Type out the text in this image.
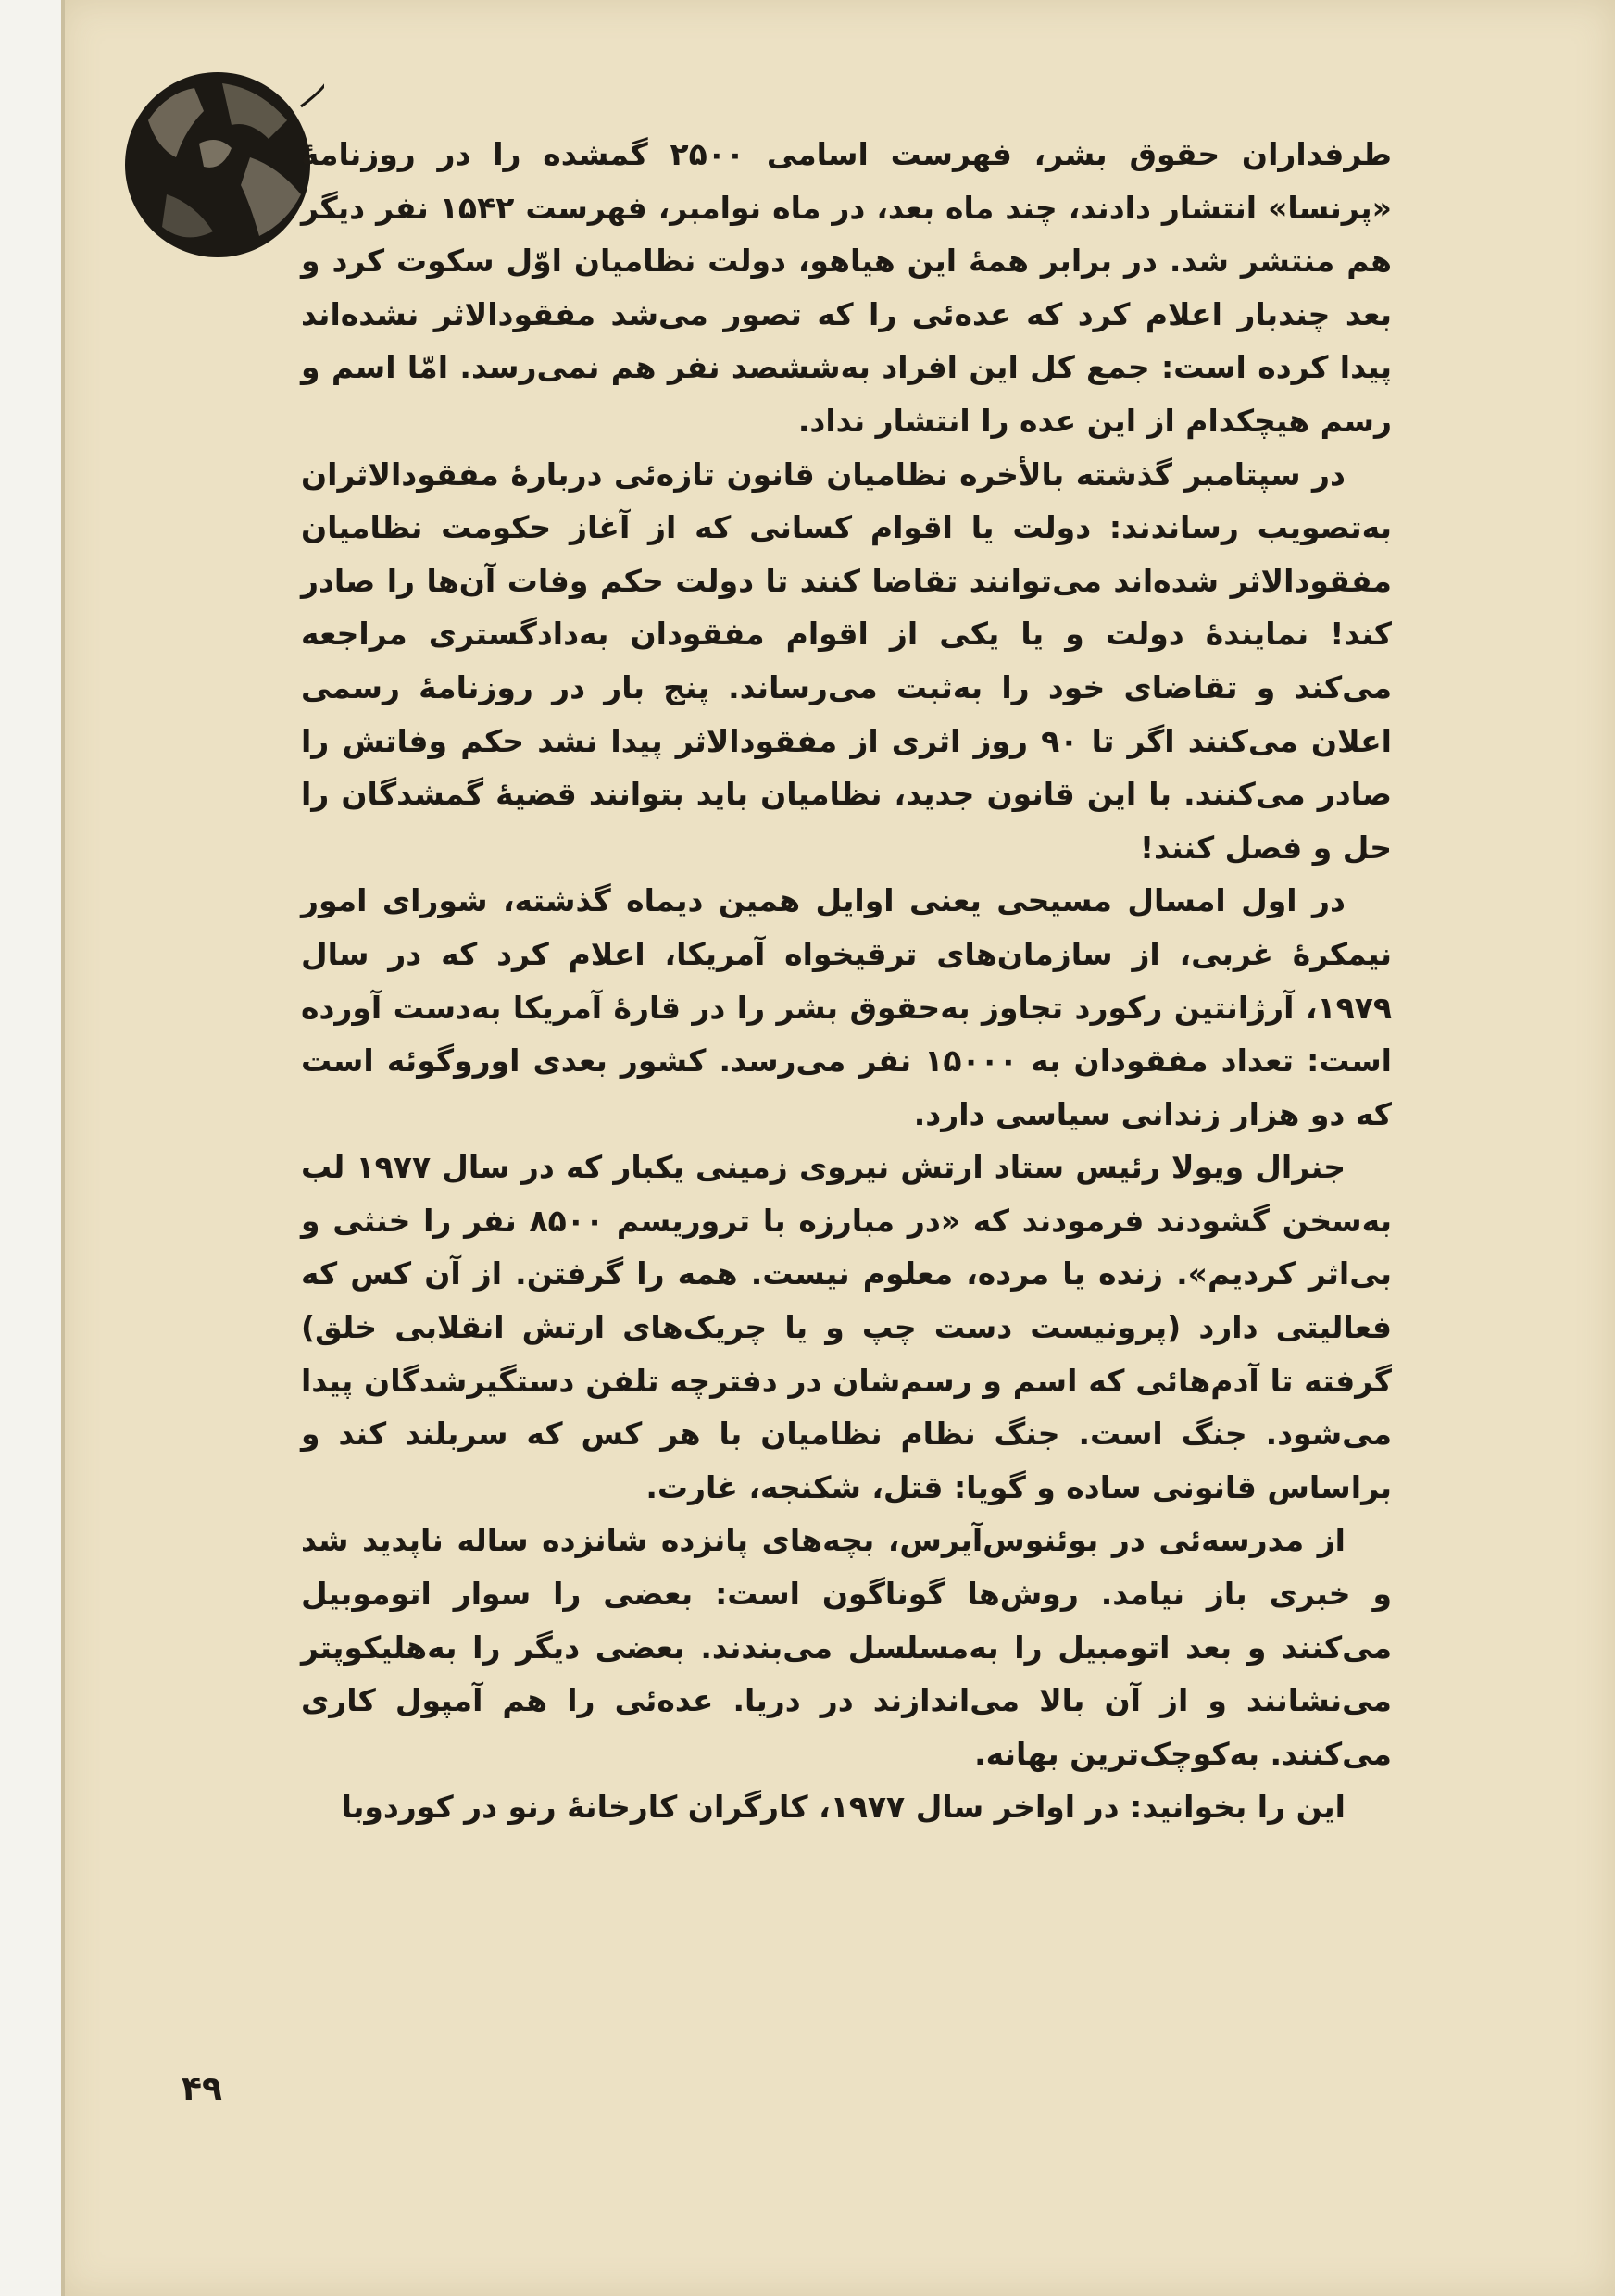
طرفداران حقوق بشر، فهرست اسامی ۲۵۰۰ گمشده را در روزنامهٔ «پرنسا» انتشار دادند، چند ماه بعد، در ماه نوامبر، فهرست ۱۵۴۲ نفر دیگر هم منتشر شد. در برابر همهٔ این هیاهو، دولت نظامیان اوّل سکوت کرد و بعد چندبار اعلام کرد که عده‌ئی را که تصور می‌شد مفقودالاثر نشده‌اند پیدا کرده است: جمع کل این افراد به‌ششصد نفر هم نمی‌رسد. امّا اسم و رسم هیچکدام از این عده را انتشار نداد.

در سپتامبر گذشته بالأخره نظامیان قانون تازه‌ئی دربارهٔ مفقودالاثران به‌تصویب رساندند: دولت یا اقوام کسانی که از آغاز حکومت نظامیان مفقودالاثر شده‌اند می‌توانند تقاضا کنند تا دولت حکم وفات آن‌ها را صادر کند! نمایندهٔ دولت و یا یکی از اقوام مفقودان به‌دادگستری مراجعه می‌کند و تقاضای خود را به‌ثبت می‌رساند. پنج بار در روزنامهٔ رسمی اعلان می‌کنند اگر تا ۹۰ روز اثری از مفقودالاثر پیدا نشد حکم وفاتش را صادر می‌کنند. با این قانون جدید، نظامیان باید بتوانند قضیهٔ گمشدگان را حل و فصل کنند!

در اول امسال مسیحی یعنی اوایل همین دیماه گذشته، شورای امور نیمکرهٔ غربی، از سازمان‌های ترقیخواه آمریکا، اعلام کرد که در سال ۱۹۷۹، آرژانتین رکورد تجاوز به‌حقوق بشر را در قارهٔ آمریکا به‌دست آورده است: تعداد مفقودان به ۱۵۰۰۰ نفر می‌رسد. کشور بعدی اوروگوئه است که دو هزار زندانی سیاسی دارد.

جنرال ویولا رئیس ستاد ارتش نیروی زمینی یکبار که در سال ۱۹۷۷ لب به‌سخن گشودند فرمودند که «در مبارزه با تروریسم ۸۵۰۰ نفر را خنثی و بی‌اثر کردیم». زنده یا مرده، معلوم نیست. همه را گرفتن. از آن کس که فعالیتی دارد (پرونیست دست چپ و یا چریک‌های ارتش انقلابی خلق) گرفته تا آدم‌هائی که اسم و رسم‌شان در دفترچه تلفن دستگیرشدگان پیدا می‌شود. جنگ است. جنگ نظام نظامیان با هر کس که سربلند کند و براساس قانونی ساده و گویا: قتل، شکنجه، غارت.

از مدرسه‌ئی در بوئنوس‌آیرس، بچه‌های پانزده شانزده ساله ناپدید شد و خبری باز نیامد. روش‌ها گوناگون است: بعضی را سوار اتوموبیل می‌کنند و بعد اتومبیل را به‌مسلسل می‌بندند. بعضی دیگر را به‌هلیکوپتر می‌نشانند و از آن بالا می‌اندازند در دریا. عده‌ئی را هم آمپول کاری می‌کنند. به‌کوچک‌ترین بهانه.

این را بخوانید: در اواخر سال ۱۹۷۷، کارگران کارخانهٔ رنو در کوردوبا

۴۹
